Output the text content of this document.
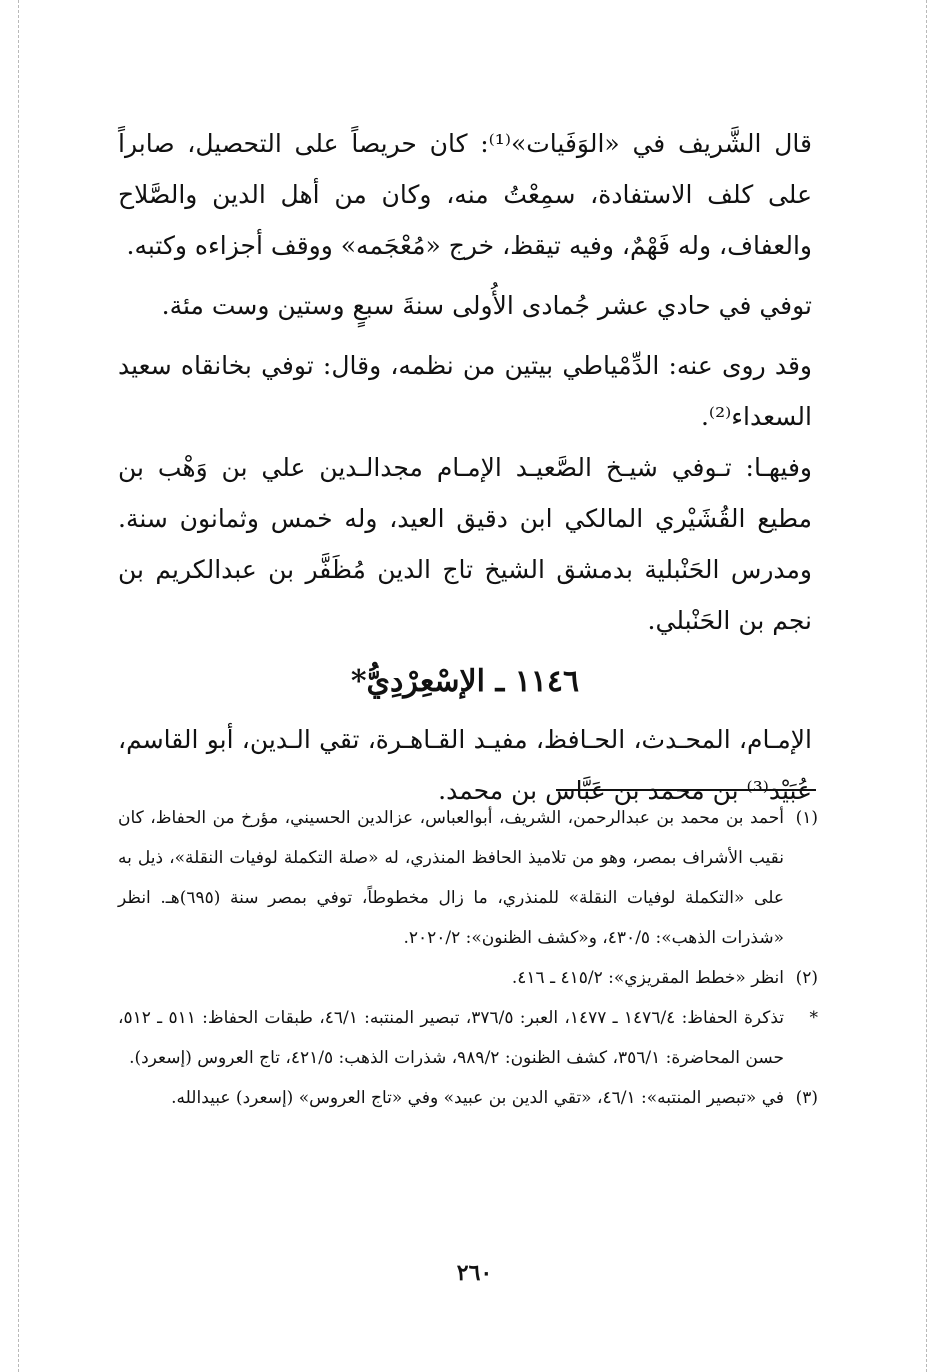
قال الشَّريف في «الوَفَيات»⁽¹⁾: كان حريصاً على التحصيل، صابراً على كلف الاستفادة، سمِعْتُ منه، وكان من أهل الدين والصَّلاح والعفاف، وله فَهْمٌ، وفيه تيقظ، خرج «مُعْجَمه» ووقف أجزاءه وكتبه.

توفي في حادي عشر جُمادى الأُولى سنةَ سبعٍ وستين وست مئة.

وقد روى عنه: الدِّمْياطي بيتين من نظمه، وقال: توفي بخانقاه سعيد السعداء⁽²⁾.

وفيهـا: تـوفي شيـخ الصَّعيـد الإمـام مجدالـدين علي بن وَهْب بن مطيع القُشَيْري المالكي ابن دقيق العيد، وله خمس وثمانون سنة. ومدرس الحَنْبلية بدمشق الشيخ تاج الدين مُظَفَّر بن عبدالكريم بن نجم بن الحَنْبلي.

١١٤٦ ـ الإسْعِرْدِيُّ*

الإمـام، المحـدث، الحـافظ، مفيـد القـاهـرة، تقي الـدين، أبو القاسم، عُبَيْد⁽³⁾ بن محمد بن عَبَّاس بن محمد.

(١)
أحمد بن محمد بن عبدالرحمن، الشريف، أبوالعباس، عزالدين الحسيني، مؤرخ من الحفاظ، كان نقيب الأشراف بمصر، وهو من تلاميذ الحافظ المنذري، له «صلة التكملة لوفيات النقلة»، ذيل به على «التكملة لوفيات النقلة» للمنذري، ما زال مخطوطاً، توفي بمصر سنة (٦٩٥)هـ. انظر «شذرات الذهب»: ٤٣٠/٥، و«كشف الظنون»: ٢٠٢٠/٢.
(٢)
انظر «خطط المقريزي»: ٤١٥/٢ ـ ٤١٦.
*
تذكرة الحفاظ: ١٤٧٦/٤ ـ ١٤٧٧، العبر: ٣٧٦/٥، تبصير المنتبه: ٤٦/١، طبقات الحفاظ: ٥١١ ـ ٥١٢، حسن المحاضرة: ٣٥٦/١، كشف الظنون: ٩٨٩/٢، شذرات الذهب: ٤٢١/٥، تاج العروس (إسعرد).
(٣)
في «تبصير المنتبه»: ٤٦/١، «تقي الدين بن عبيد» وفي «تاج العروس» (إسعرد) عبيدالله.
٢٦٠
